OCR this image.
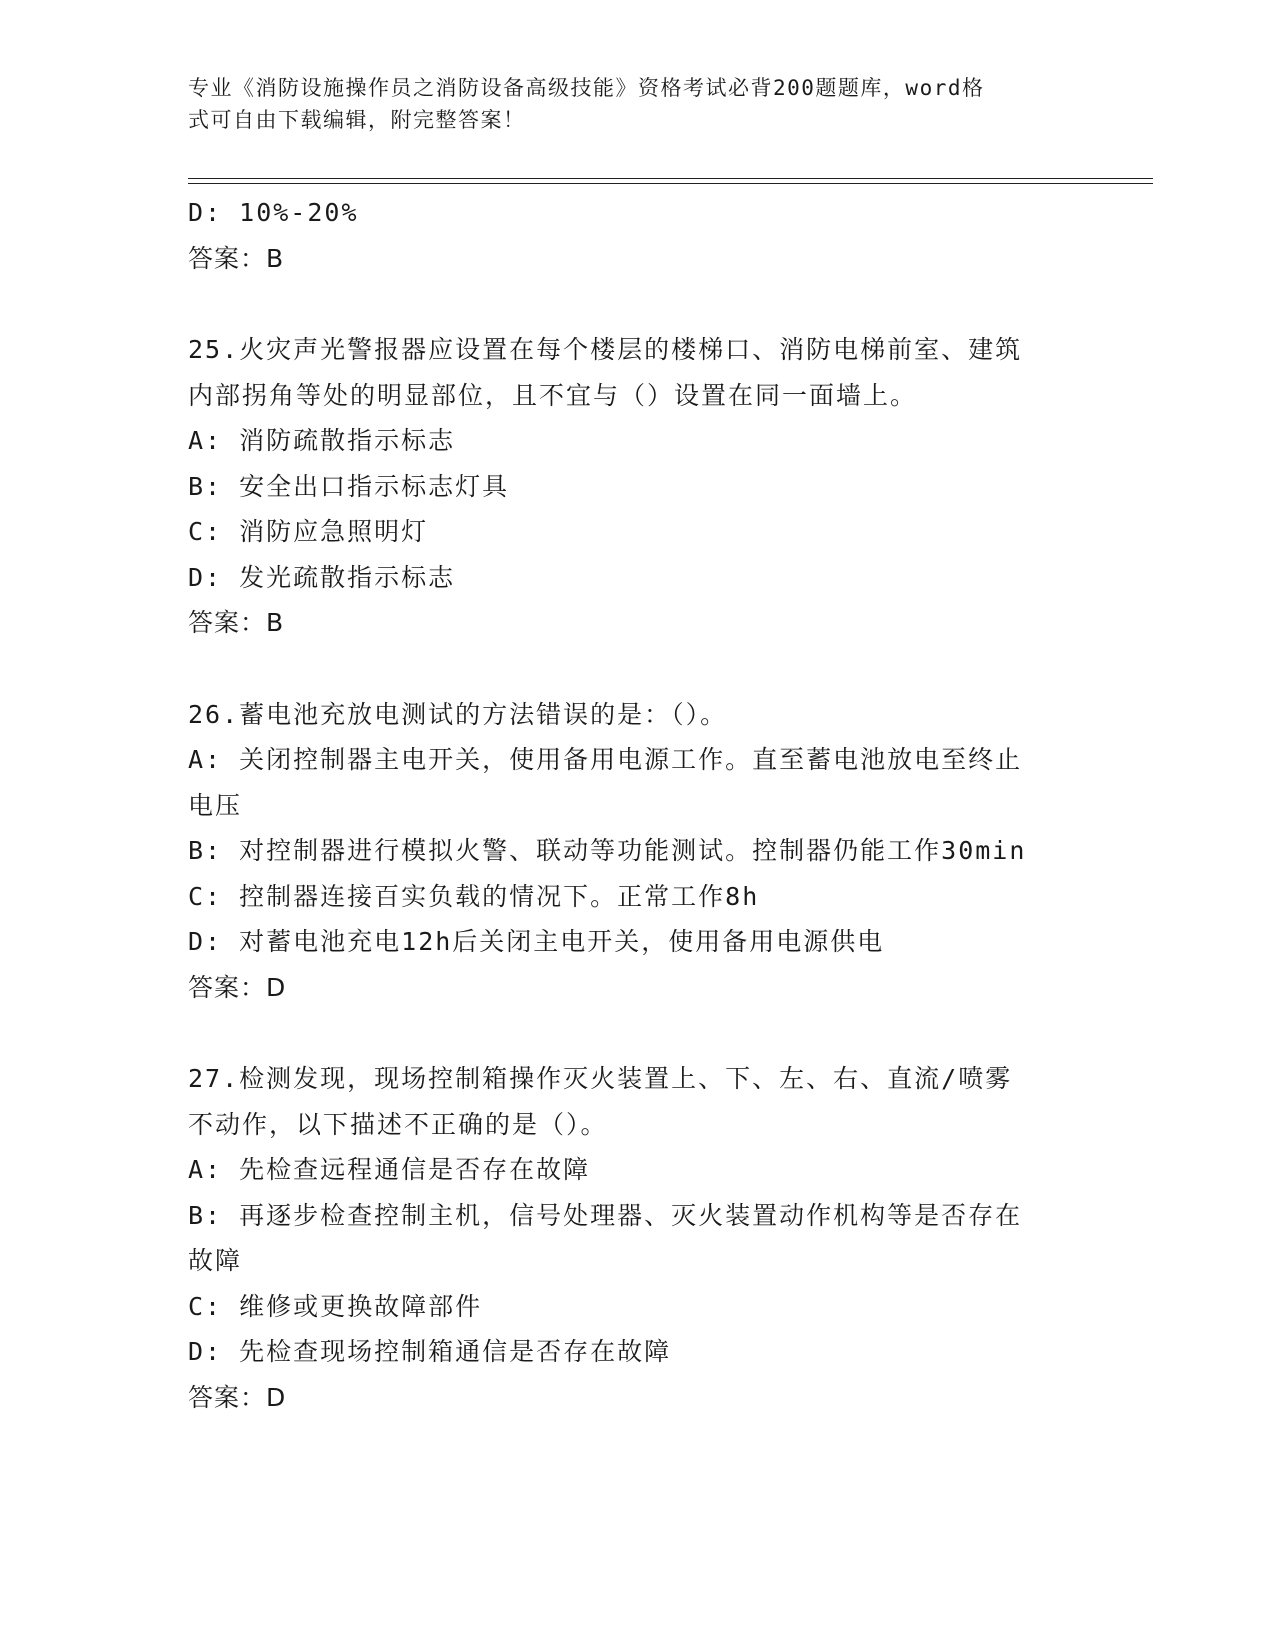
专业《消防设施操作员之消防设备高级技能》资格考试必背200题题库，word格
式可自由下载编辑，附完整答案！
D: 10%-20%
答案：B
25.火灾声光警报器应设置在每个楼层的楼梯口、消防电梯前室、建筑
内部拐角等处的明显部位，且不宜与（）设置在同一面墙上。
A: 消防疏散指示标志
B: 安全出口指示标志灯具
C: 消防应急照明灯
D: 发光疏散指示标志
答案：B
26.蓄电池充放电测试的方法错误的是：（）。
A: 关闭控制器主电开关，使用备用电源工作。直至蓄电池放电至终止
电压
B: 对控制器进行模拟火警、联动等功能测试。控制器仍能工作30min
C: 控制器连接百实负载的情况下。正常工作8h
D: 对蓄电池充电12h后关闭主电开关，使用备用电源供电
答案：D
27.检测发现，现场控制箱操作灭火装置上、下、左、右、直流/喷雾
不动作，以下描述不正确的是（）。
A: 先检查远程通信是否存在故障
B: 再逐步检查控制主机，信号处理器、灭火装置动作机构等是否存在
故障
C: 维修或更换故障部件
D: 先检查现场控制箱通信是否存在故障
答案：D
